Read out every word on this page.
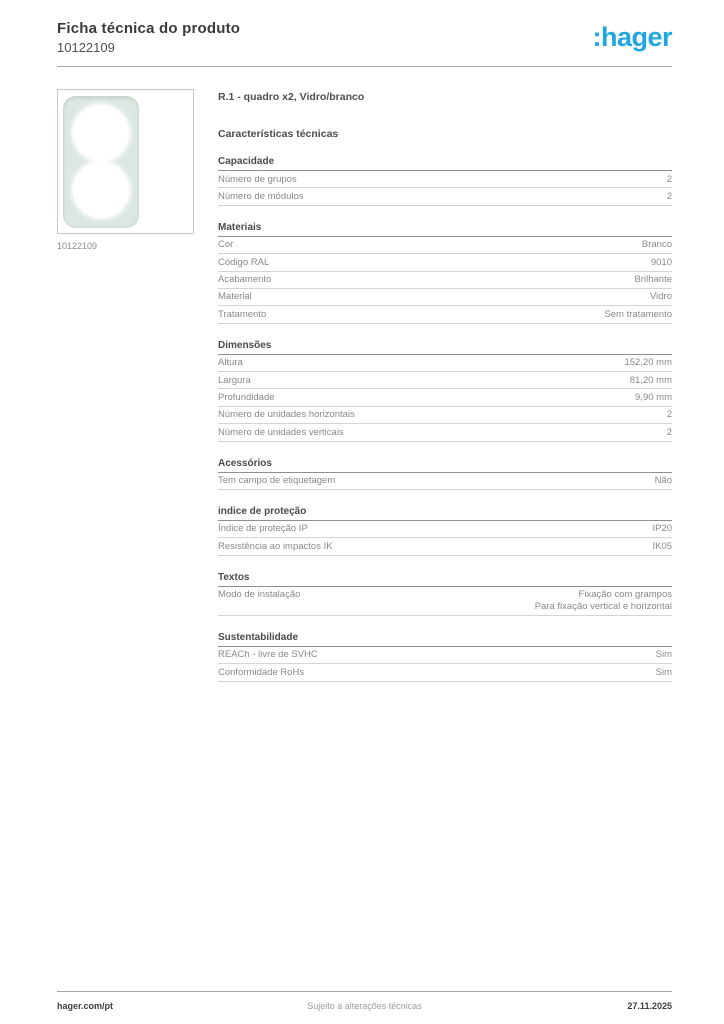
Ficha técnica do produto
10122109	:hager
10122109
R.1 - quadro x2, Vidro/branco
Características técnicas
Capacidade
Número de grupos	2
Número de módulos	2
Materiais
Cor	Branco
Código RAL	9010
Acabamento	Brilhante
Material	Vidro
Tratamento	Sem tratamento
Dimensões
Altura	152,20 mm
Largura	81,20 mm
Profundidade	9,90 mm
Número de unidades horizontais	2
Número de unidades verticais	2
Acessórios
Tem campo de etiquetagem	Não
indice de proteção
Índice de proteção IP	IP20
Resistência ao impactos IK	IK05
Textos
Modo de instalação	Fixação com grampos
Para fixação vertical e horizontal
Sustentabilidade
REACh - livre de SVHC	Sim
Conformidade RoHs	Sim
hager.com/pt	Sujeito a alterações técnicas	27.11.2025
